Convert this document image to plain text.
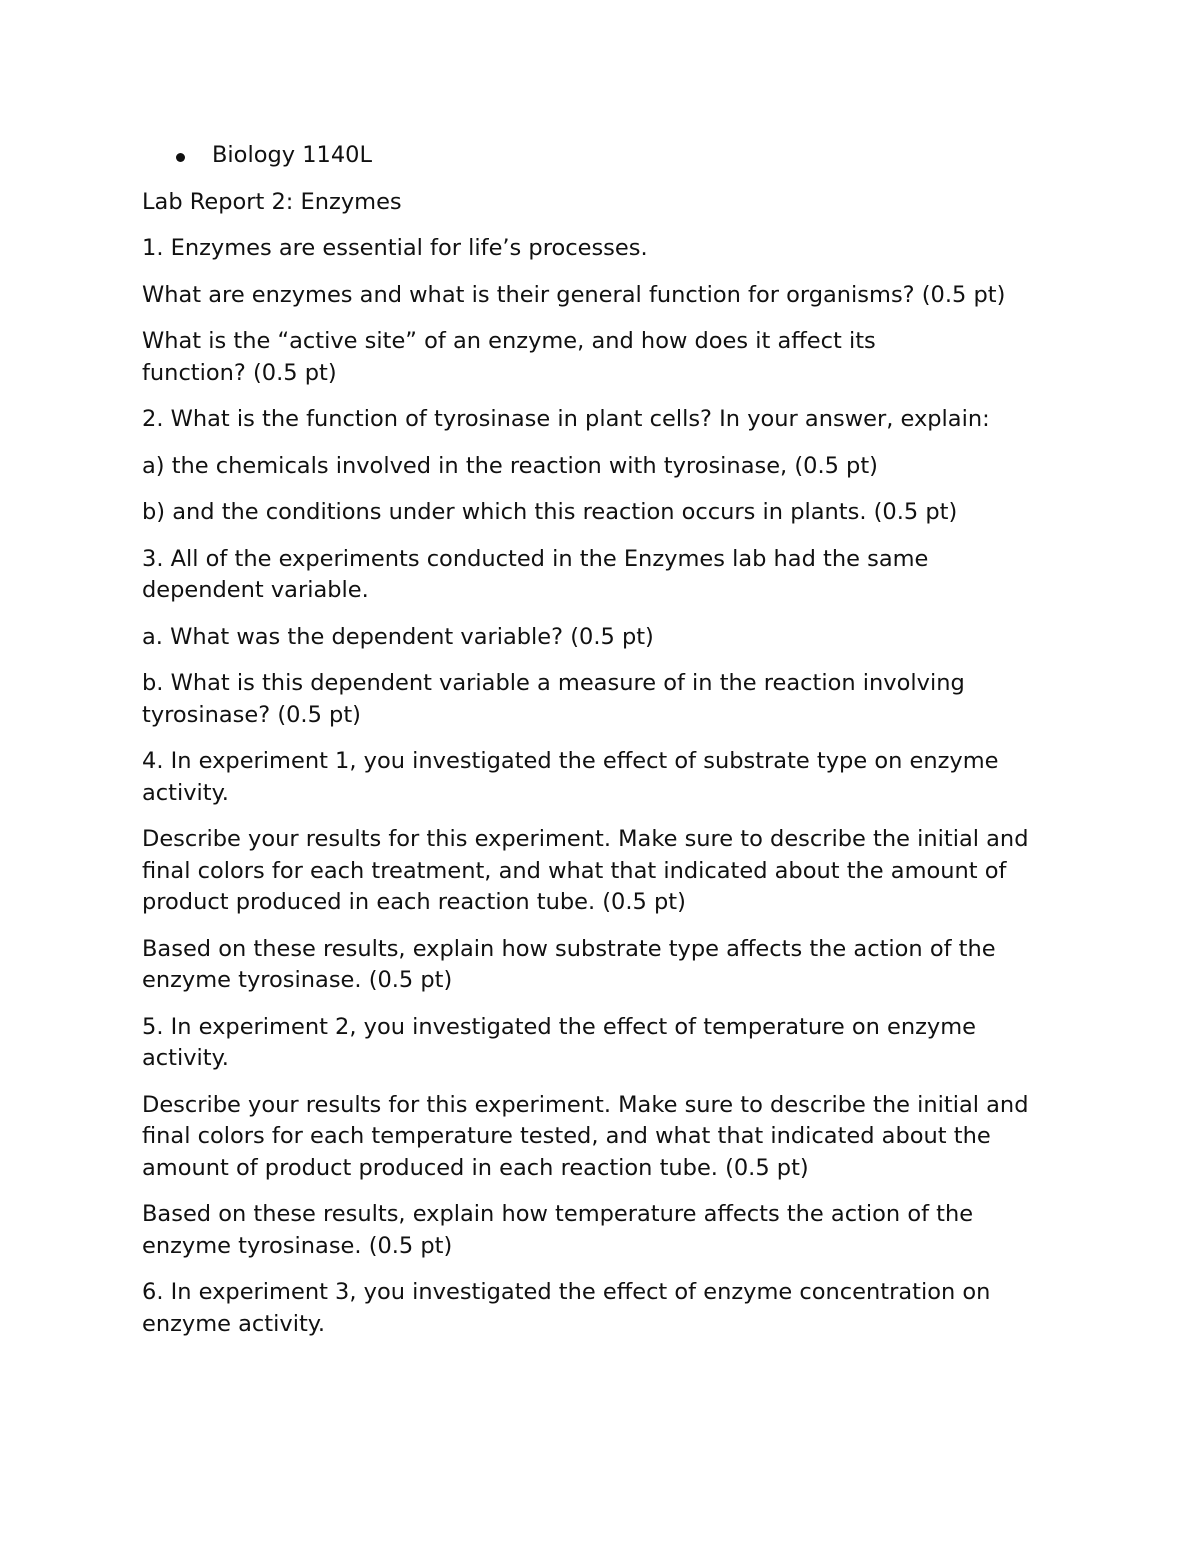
Biology 1140L

Lab Report 2: Enzymes

1. Enzymes are essential for life’s processes.

What are enzymes and what is their general function for organisms? (0.5 pt)

What is the “active site” of an enzyme, and how does it affect its function? (0.5 pt)

2. What is the function of tyrosinase in plant cells? In your answer, explain:

a) the chemicals involved in the reaction with tyrosinase, (0.5 pt)

b) and the conditions under which this reaction occurs in plants. (0.5 pt)

3. All of the experiments conducted in the Enzymes lab had the same dependent variable.

a. What was the dependent variable? (0.5 pt)

b. What is this dependent variable a measure of in the reaction involving tyrosinase? (0.5 pt)

4. In experiment 1, you investigated the effect of substrate type on enzyme activity.

Describe your results for this experiment. Make sure to describe the initial and final colors for each treatment, and what that indicated about the amount of product produced in each reaction tube. (0.5 pt)

Based on these results, explain how substrate type affects the action of the enzyme tyrosinase. (0.5 pt)

5. In experiment 2, you investigated the effect of temperature on enzyme activity.

Describe your results for this experiment. Make sure to describe the initial and final colors for each temperature tested, and what that indicated about the amount of product produced in each reaction tube. (0.5 pt)

Based on these results, explain how temperature affects the action of the enzyme tyrosinase. (0.5 pt)

6. In experiment 3, you investigated the effect of enzyme concentration on enzyme activity.
